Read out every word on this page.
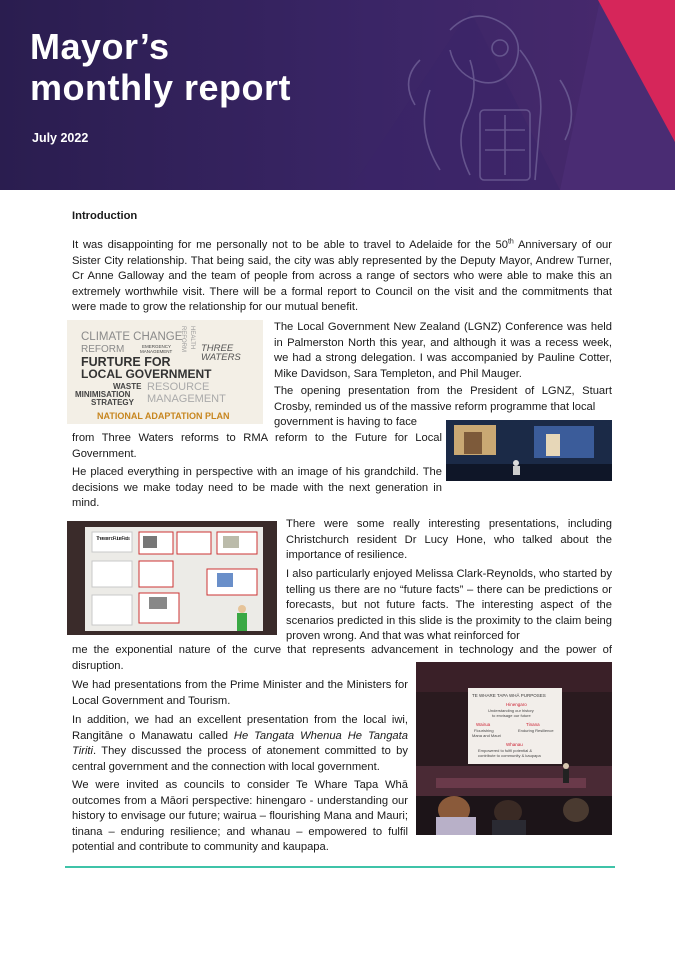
Mayor’s
monthly report
July 2022
Introduction

It was disappointing for me personally not to be able to travel to Adelaide for the 50th Anniversary of our Sister City relationship. That being said, the city was ably represented by the Deputy Mayor, Andrew Turner, Cr Anne Galloway and the team of people from across a range of sectors who were able to make this an extremely worthwhile visit. There will be a formal report to Council on the visit and the commitments that were made to grow the relationship for our mutual benefit.

CLIMATE CHANGE HEALTH
REFORM
REFORM	EMERGENCY
MANAGEMENT	THREE
WATERS
FURTURE FOR
LOCAL GOVERNMENT
WASTE
MINIMISATION
STRATEGY
RESOURCE
MANAGEMENT
NATIONAL ADAPTATION PLAN

The Local Government New Zealand (LGNZ) Conference was held in Palmerston North this year, and although it was a recess week, we had a strong delegation. I was accompanied by Pauline Cotter, Mike Davidson, Sara Templeton, and Phil Mauger.

The opening presentation from the President of LGNZ, Stuart Crosby, reminded us of the massive reform programme that local

government is having to face

from Three Waters reforms to RMA reform to the Future for Local Government.

He placed everything in perspective with an image of his grandchild. The decisions we make today need to be made with the next generation in mind.

There are no Future Facts

There were some really interesting presentations, including Christchurch resident Dr Lucy Hone, who talked about the importance of resilience.

I also particularly enjoyed Melissa Clark-Reynolds, who started by telling us there are no “future facts” – there can be predictions or forecasts, but not future facts. The interesting aspect of the scenarios predicted in this slide is the proximity to the claim being proven wrong. And that was what reinforced for

me the exponential nature of the curve that represents advancement in technology and the power of disruption.

TE WHARE TAPA WHĀ PURPOSES
Hinengaro
Understanding our history
to envisage our future
Wairua
Flourishing
Mana and Mauri
Tinana
Enduring Resilience
Whanau
Empowered to fulfil potential &
contribute to community & kaupapa

We had presentations from the Prime Minister and the Ministers for Local Government and Tourism.

In addition, we had an excellent presentation from the local iwi, Rangitāne o Manawatu called He Tangata Whenua He Tangata Tiriti. They discussed the process of atonement committed to by central government and the connection with local government.

We were invited as councils to consider Te Whare Tapa Whā outcomes from a Māori perspective: hinengaro - understanding our history to envisage our future; wairua – flourishing Mana and Mauri; tinana – enduring resilience; and whanau – empowered to fulfil potential and contribute to community and kaupapa.
